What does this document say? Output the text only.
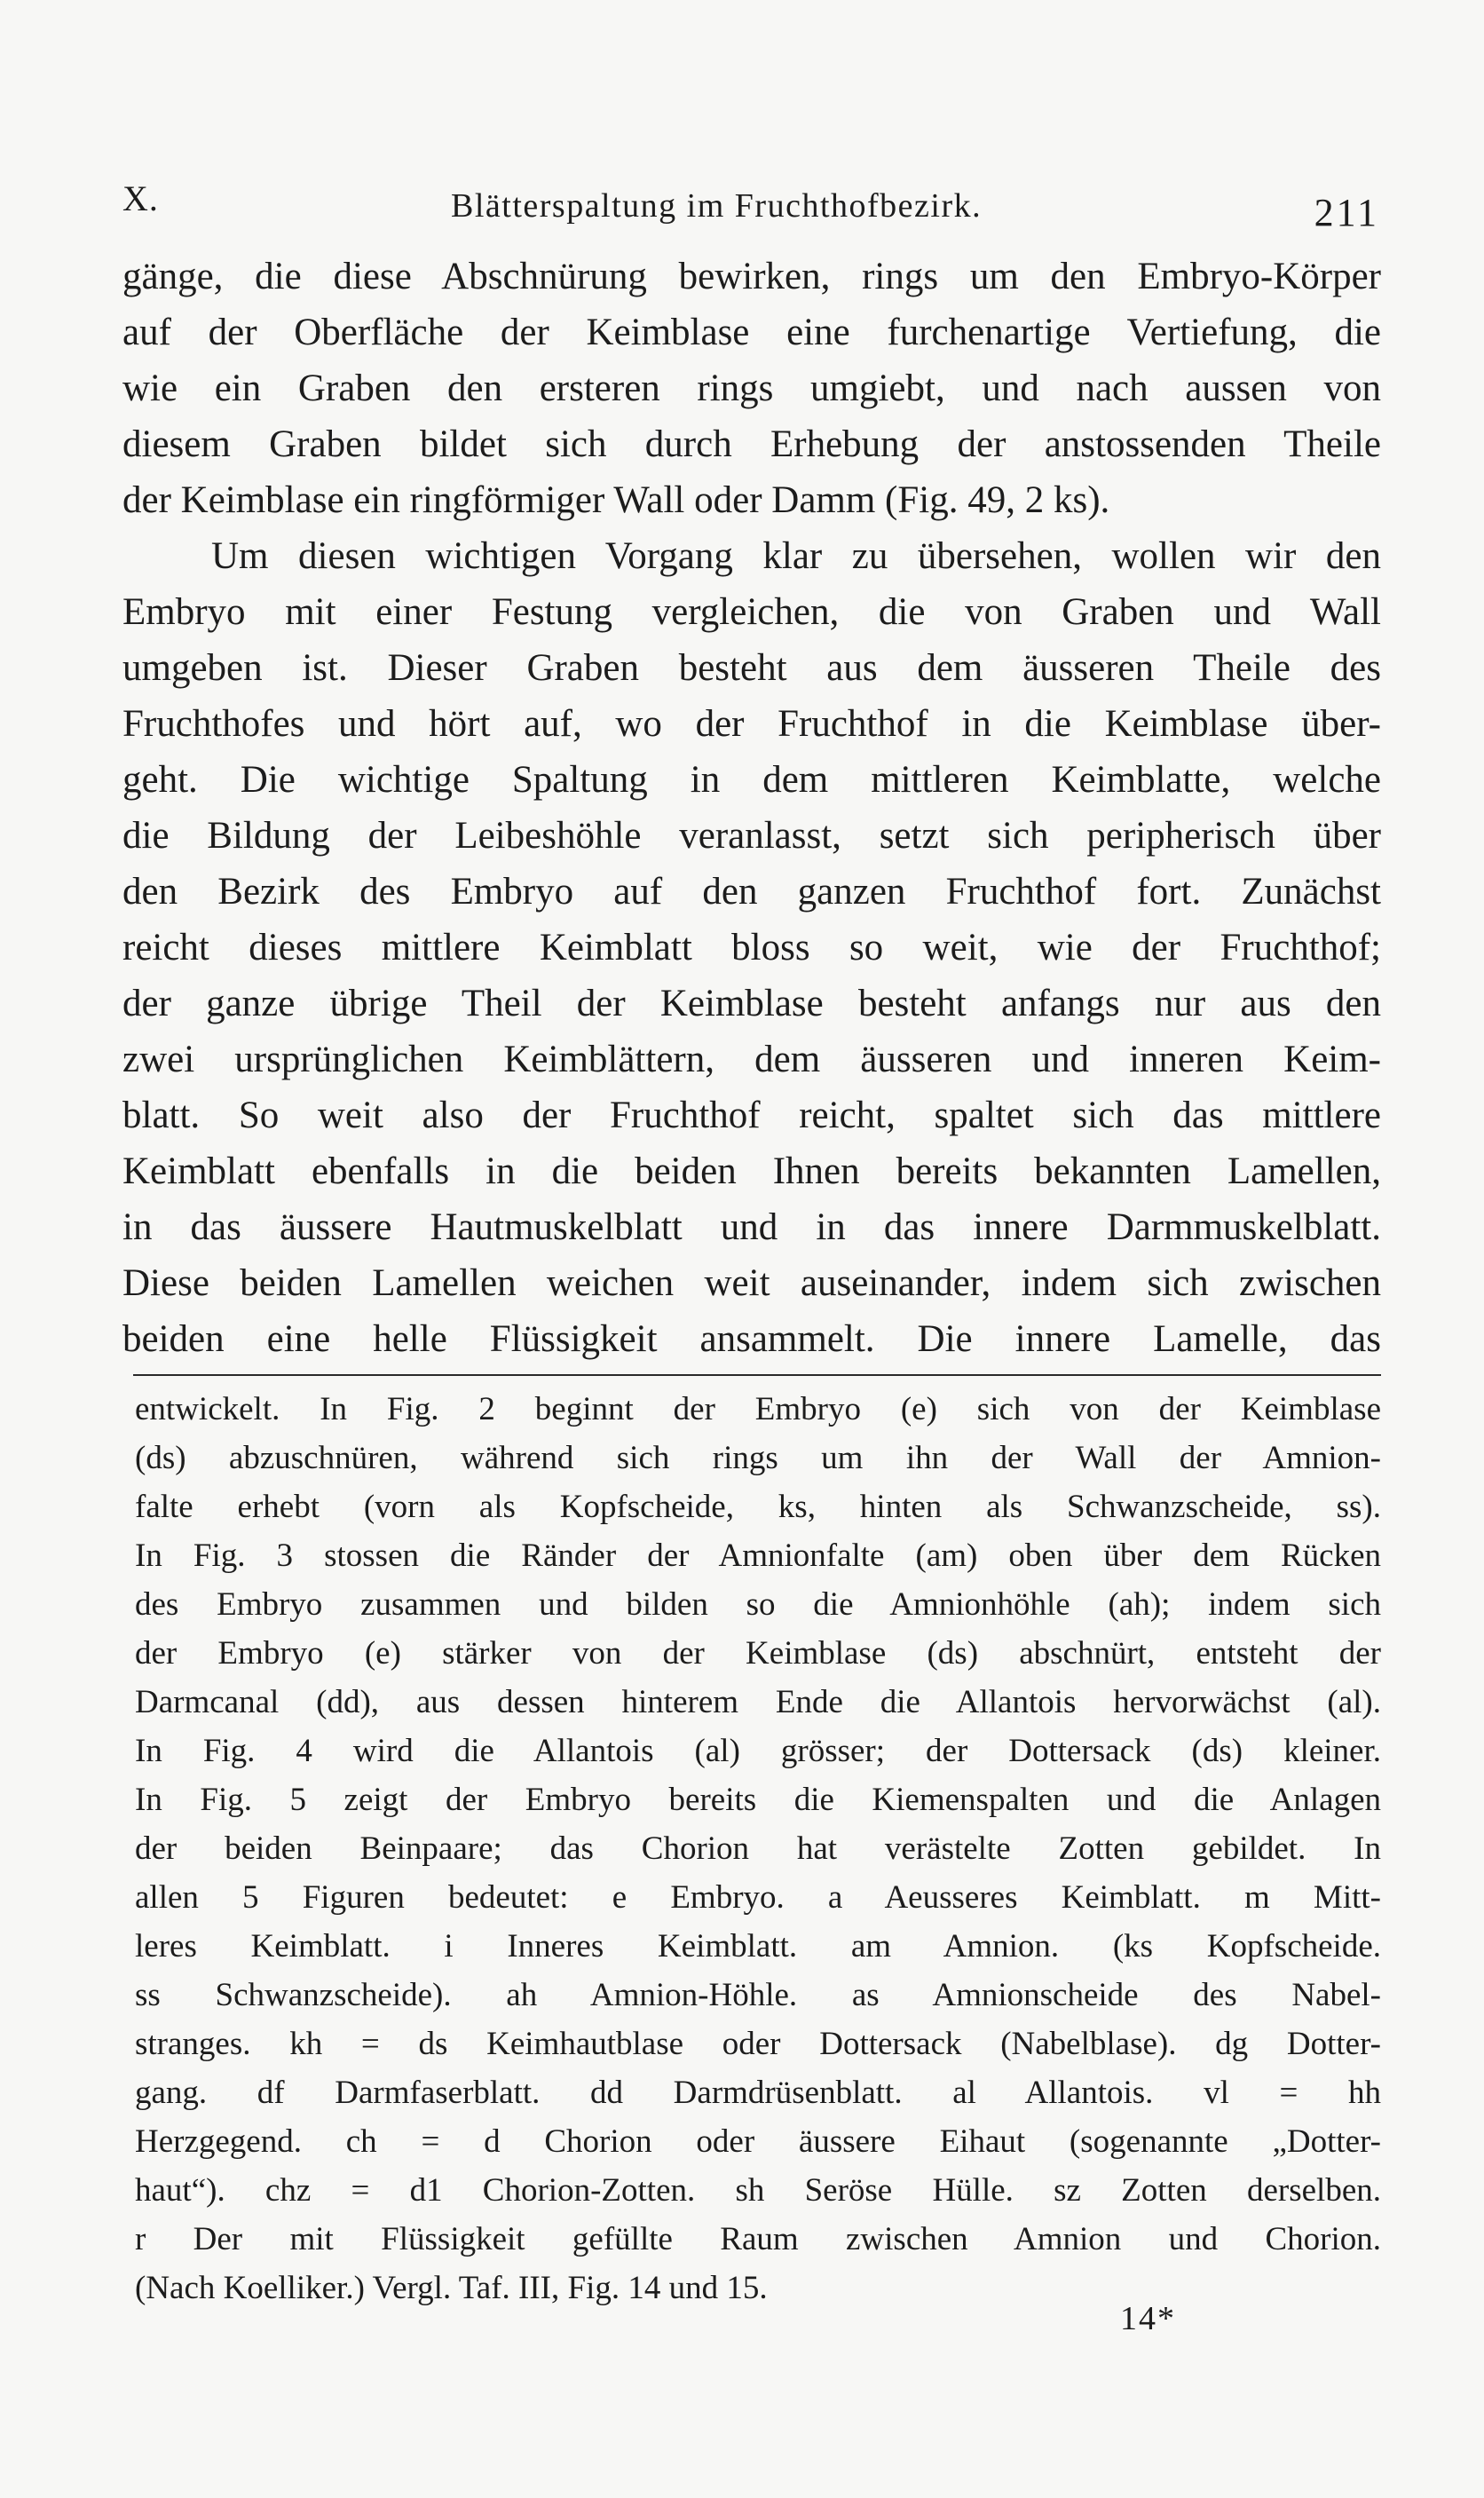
X.	Blätterspaltung im Fruchthofbezirk.	211
gänge, die diese Abschnürung bewirken, rings um den Embryo-Körper
auf der Oberfläche der Keimblase eine furchenartige Vertiefung, die
wie ein Graben den ersteren rings umgiebt, und nach aussen von
diesem Graben bildet sich durch Erhebung der anstossenden Theile
der Keimblase ein ringförmiger Wall oder Damm (Fig. 49, 2 ks).
Um diesen wichtigen Vorgang klar zu übersehen, wollen wir den
Embryo mit einer Festung vergleichen, die von Graben und Wall
umgeben ist. Dieser Graben besteht aus dem äusseren Theile des
Fruchthofes und hört auf, wo der Fruchthof in die Keimblase über-
geht. Die wichtige Spaltung in dem mittleren Keimblatte, welche
die Bildung der Leibeshöhle veranlasst, setzt sich peripherisch über
den Bezirk des Embryo auf den ganzen Fruchthof fort. Zunächst
reicht dieses mittlere Keimblatt bloss so weit, wie der Fruchthof;
der ganze übrige Theil der Keimblase besteht anfangs nur aus den
zwei ursprünglichen Keimblättern, dem äusseren und inneren Keim-
blatt. So weit also der Fruchthof reicht, spaltet sich das mittlere
Keimblatt ebenfalls in die beiden Ihnen bereits bekannten Lamellen,
in das äussere Hautmuskelblatt und in das innere Darmmuskelblatt.
Diese beiden Lamellen weichen weit auseinander, indem sich zwischen
beiden eine helle Flüssigkeit ansammelt. Die innere Lamelle, das
entwickelt. In Fig. 2 beginnt der Embryo (e) sich von der Keimblase
(ds) abzuschnüren, während sich rings um ihn der Wall der Amnion-
falte erhebt (vorn als Kopfscheide, ks, hinten als Schwanzscheide, ss).
In Fig. 3 stossen die Ränder der Amnionfalte (am) oben über dem Rücken
des Embryo zusammen und bilden so die Amnionhöhle (ah); indem sich
der Embryo (e) stärker von der Keimblase (ds) abschnürt, entsteht der
Darmcanal (dd), aus dessen hinterem Ende die Allantois hervorwächst (al).
In Fig. 4 wird die Allantois (al) grösser; der Dottersack (ds) kleiner.
In Fig. 5 zeigt der Embryo bereits die Kiemenspalten und die Anlagen
der beiden Beinpaare; das Chorion hat verästelte Zotten gebildet. In
allen 5 Figuren bedeutet: e Embryo. a Aeusseres Keimblatt. m Mitt-
leres Keimblatt. i Inneres Keimblatt. am Amnion. (ks Kopfscheide.
ss Schwanzscheide). ah Amnion-Höhle. as Amnionscheide des Nabel-
stranges. kh = ds Keimhautblase oder Dottersack (Nabelblase). dg Dotter-
gang. df Darmfaserblatt. dd Darmdrüsenblatt. al Allantois. vl = hh
Herzgegend. ch = d Chorion oder äussere Eihaut (sogenannte „Dotter-
haut“). chz = d1 Chorion-Zotten. sh Seröse Hülle. sz Zotten derselben.
r Der mit Flüssigkeit gefüllte Raum zwischen Amnion und Chorion.
(Nach Koelliker.) Vergl. Taf. III, Fig. 14 und 15.
14*
